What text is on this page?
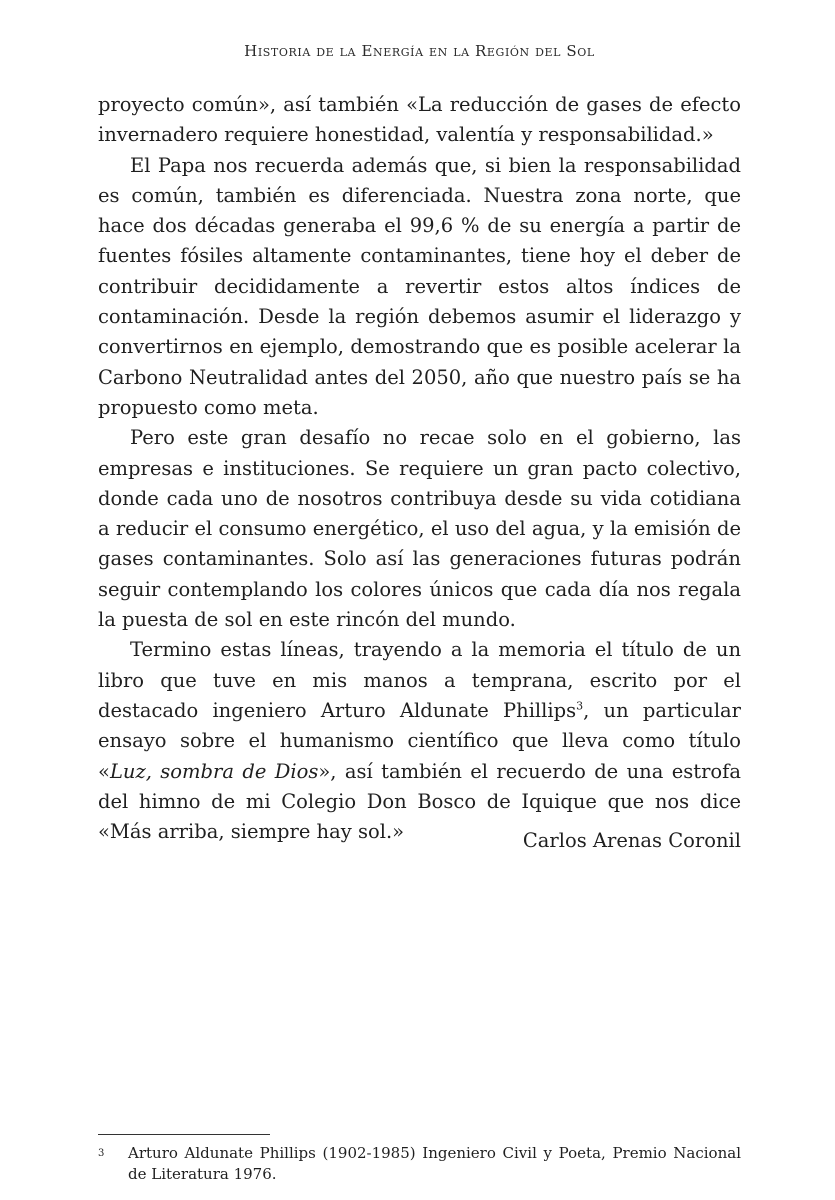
Historia de la Energía en la Región del Sol

proyecto común», así también «La reducción de gases de efecto invernadero requiere honestidad, valentía y responsabilidad.»

El Papa nos recuerda además que, si bien la responsabilidad es común, también es diferenciada. Nuestra zona norte, que hace dos décadas generaba el 99,6 % de su energía a partir de fuentes fósiles altamente contaminantes, tiene hoy el deber de contribuir decididamente a revertir estos altos índices de contaminación. Desde la región debemos asumir el liderazgo y convertirnos en ejemplo, demostrando que es posible acelerar la Carbono Neutralidad antes del 2050, año que nuestro país se ha propuesto como meta.

Pero este gran desafío no recae solo en el gobierno, las empresas e instituciones. Se requiere un gran pacto colectivo, donde cada uno de nosotros contribuya desde su vida cotidiana a reducir el consumo energético, el uso del agua, y la emisión de gases contaminantes. Solo así las generaciones futuras podrán seguir contemplando los colores únicos que cada día nos regala la puesta de sol en este rincón del mundo.

Termino estas líneas, trayendo a la memoria el título de un libro que tuve en mis manos a temprana, escrito por el destacado ingeniero Arturo Aldunate Phillips$^3$, un particular ensayo sobre el humanismo científico que lleva como título «Luz, sombra de Dios», así también el recuerdo de una estrofa del himno de mi Colegio Don Bosco de Iquique que nos dice «Más arriba, siempre hay sol.»	Carlos Arenas Coronil
3 Arturo Aldunate Phillips (1902-1985) Ingeniero Civil y Poeta, Premio Nacional de Literatura 1976.
